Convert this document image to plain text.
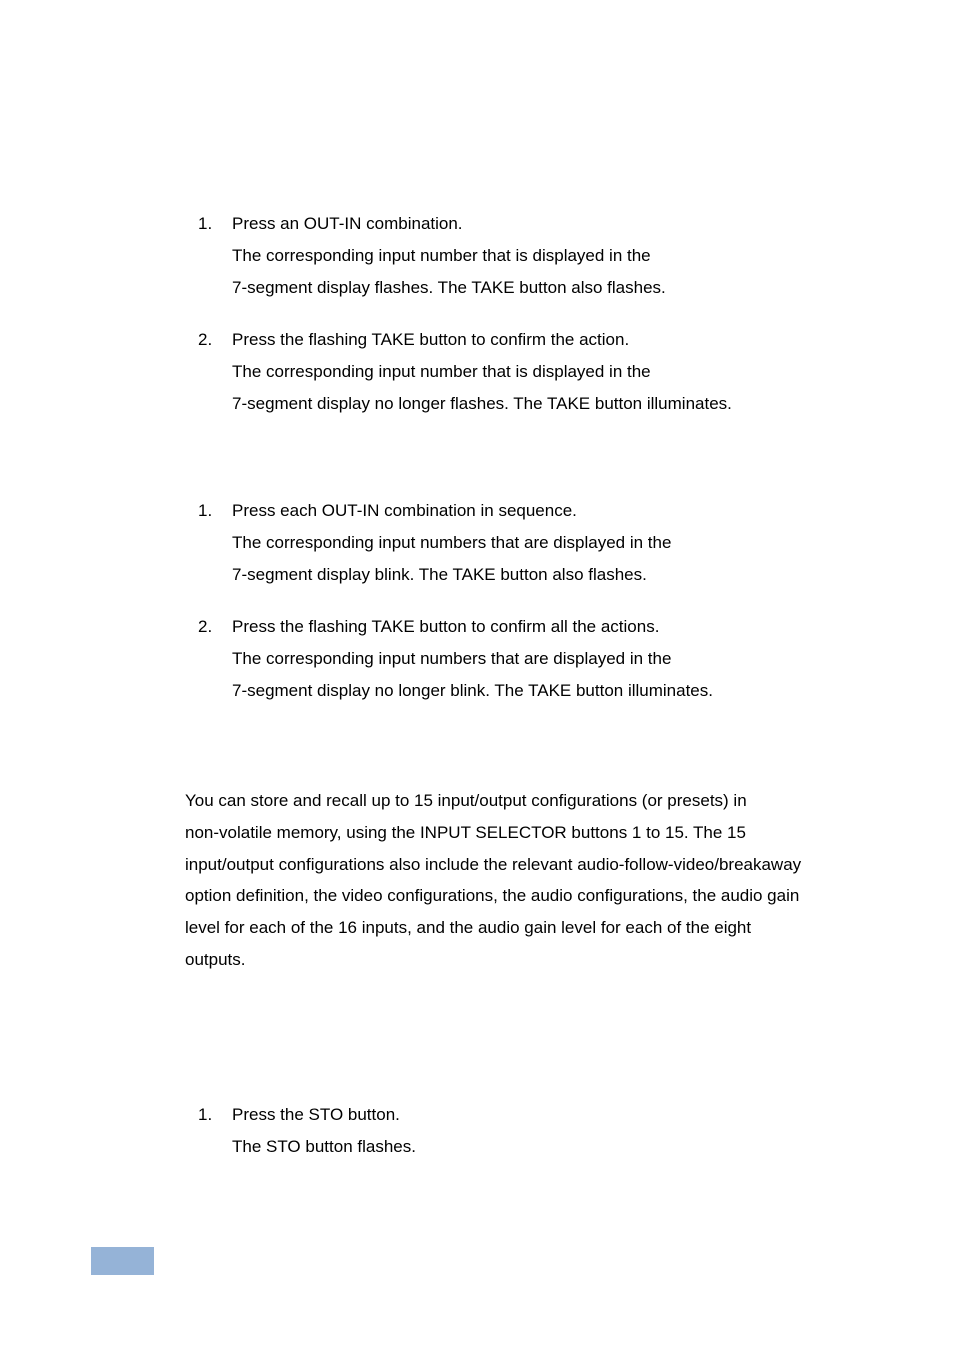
1.	Press an OUT-IN combination.
The corresponding input number that is displayed in the
7-segment display flashes. The TAKE button also flashes.
2.	Press the flashing TAKE button to confirm the action.
The corresponding input number that is displayed in the
7-segment display no longer flashes. The TAKE button illuminates.
1.	Press each OUT-IN combination in sequence.
The corresponding input numbers that are displayed in the
7-segment display blink. The TAKE button also flashes.
2.	Press the flashing TAKE button to confirm all the actions.
The corresponding input numbers that are displayed in the
7-segment display no longer blink. The TAKE button illuminates.
You can store and recall up to 15 input/output configurations (or presets) in
non-volatile memory, using the INPUT SELECTOR buttons 1 to 15. The 15
input/output configurations also include the relevant audio-follow-video/breakaway
option definition, the video configurations, the audio configurations, the audio gain
level for each of the 16 inputs, and the audio gain level for each of the eight
outputs.
1.	Press the STO button.
The STO button flashes.
